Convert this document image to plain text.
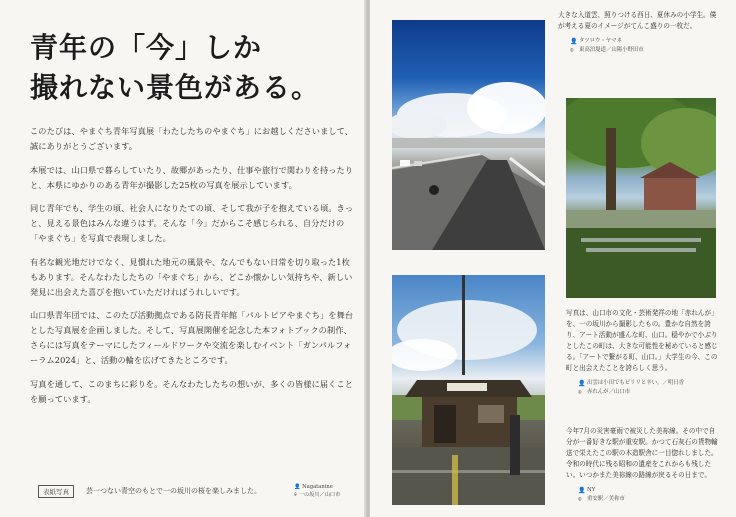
青年の「今」しか
撮れない景色がある。

このたびは、やまぐち青年写真展「わたしたちのやまぐち」にお越しくださいまして、誠にありがとうございます。

本展では、山口県で暮らしていたり、故郷があったり、仕事や旅行で関わりを持ったりと、本県にゆかりのある青年が撮影した25枚の写真を展示しています。

同じ青年でも、学生の頃、社会人になりたての頃、そして我が子を抱えている頃。きっと、見える景色はみんな違うはず。そんな「今」だからこそ感じられる、自分だけの「やまぐち」を写真で表現しました。

有名な観光地だけでなく、見慣れた地元の風景や、なんでもない日常を切り取った1枚もあります。そんなわたしたちの「やまぐち」から、どこか懐かしい気持ちや、新しい発見に出会えた喜びを抱いていただければうれしいです。

山口県青年団では、このたび活動拠点である防長青年館「パルトピアやまぐち」を舞台とした写真展を企画しました。そして、写真展開催を記念した本フォトブックの制作、さらには写真をテーマにしたフィールドワークや交流を楽しむイベント「ガンパルフォーラム2024」と、活動の輪を広げてきたところです。

写真を通して、このまちに彩りを。そんなわたしたちの想いが、多くの皆様に届くことを願っています。

表紙写真	芸一つない青空のもとで一の坂川の桜を楽しみました。	👤 Nagatanine
⌾ 一の坂川／山口市
大きな入道雲、照りつける西日、夏休みの小学生。僕が考える夏のイメージがてんこ盛りの一枚だ。
👤 タツロウ・ヤマネ
⌾ 東高泊堤道／山陽小野田市
写真は、山口市の文化・芸術発祥の地「赤れんが」を、一の坂川から撮影したもの。豊かな自然を誇り、アート活動が盛んな町、山口。穏やかで小ぶりとしたこの町は、大きな可能性を秘めていると感じる。「アートで繋がる町、山口。」大学生の今、この町と出会えたことを誇らしく思う。
👤 出雲は小田でもピリリと辛い。／明日香
⌾ 赤れんが／山口市
今年7月の災害豪雨で被災した美祢線。その中で自分が一番好きな駅が重安駅。かつて石灰石の貨物輸送で栄えたこの駅の木造駅舎に一目惚れしました。令和の時代に残る昭和の遺産をこれからも残したい。いつかまた美祢線の路線が戻るその日まで。
👤 NY
⌾ 重安駅／美祢市
